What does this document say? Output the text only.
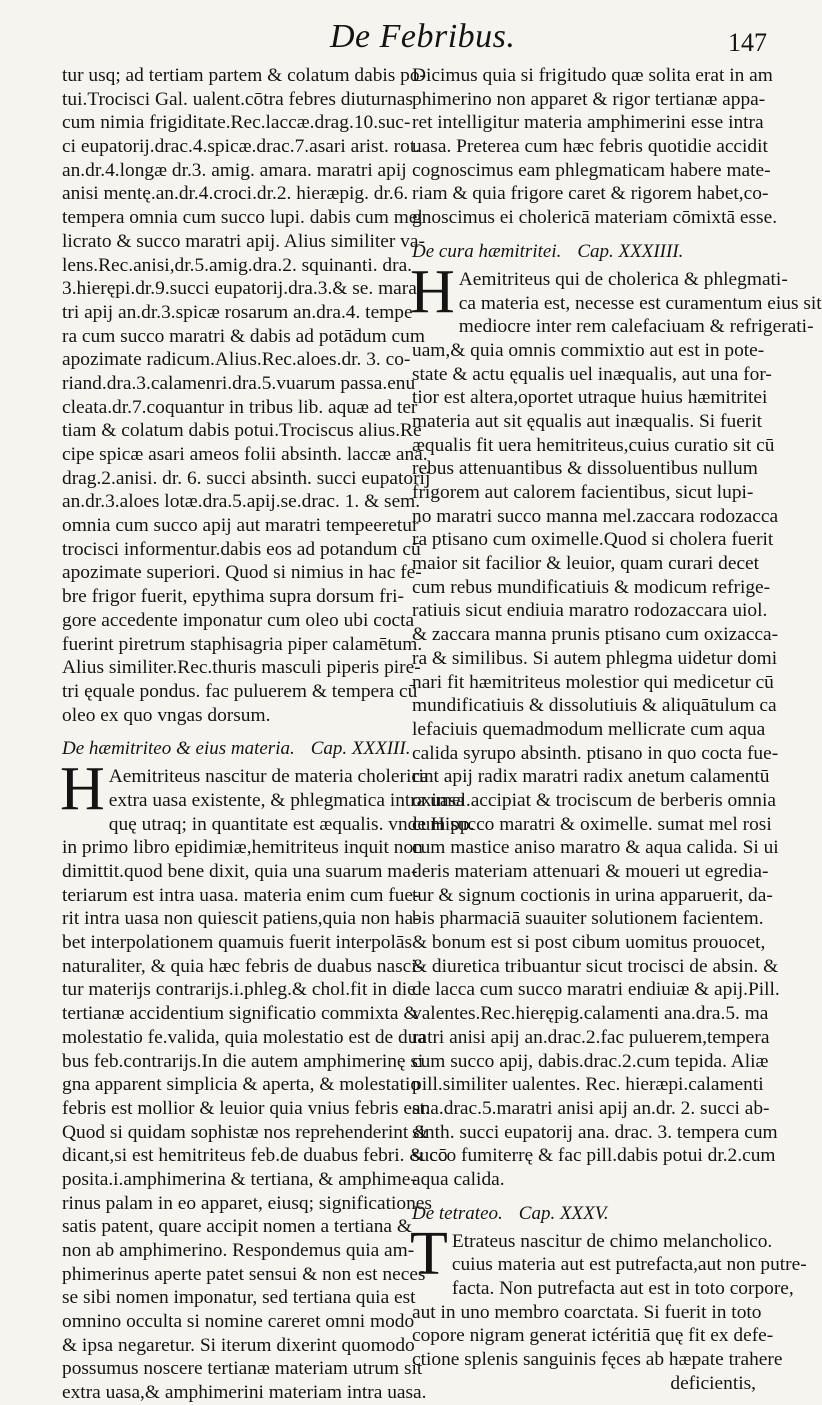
De Febribus.	147
tur usq; ad tertiam partem & colatum dabis po-
tui.Trocisci Gal. ualent.cōtra febres diuturnas
cum nimia frigiditate.Rec.laccæ.drag.10.suc-
ci eupatorij.drac.4.spicæ.drac.7.asari arist. rot.
an.dr.4.longæ dr.3. amig. amara. maratri apij
anisi mentę.an.dr.4.croci.dr.2. hieræpig. dr.6.
tempera omnia cum succo lupi. dabis cum mel
licrato & succo maratri apij. Alius similiter va-
lens.Rec.anisi,dr.5.amig.dra.2. squinanti. dra.
3.hierępi.dr.9.succi eupatorij.dra.3.& se. mara
tri apij an.dr.3.spicæ rosarum an.dra.4. tempe
ra cum succo maratri & dabis ad potādum cum
apozimate radicum.Alius.Rec.aloes.dr. 3. co-
riand.dra.3.calamenri.dra.5.vuarum passa.enu
cleata.dr.7.coquantur in tribus lib. aquæ ad ter
tiam & colatum dabis potui.Trociscus alius.Re
cipe spicæ asari ameos folii absinth. laccæ ana.
drag.2.anisi. dr. 6. succi absinth. succi eupatorij
an.dr.3.aloes lotæ.dra.5.apij.se.drac. 1. & sem.
omnia cum succo apij aut maratri tempeeretur
trocisci informentur.dabis eos ad potandum cū
apozimate superiori. Quod si nimius in hac fe-
bre frigor fuerit, epythima supra dorsum fri-
gore accedente imponatur cum oleo ubi cocta
fuerint piretrum staphisagria piper calamētum.
Alius similiter.Rec.thuris masculi piperis pire-
tri ęquale pondus. fac puluerem & tempera cū
oleo ex quo vngas dorsum.
De hæmitriteo & eius materia. Cap. XXXIII.
H Aemitriteus nascitur de materia cholerica
extra uasa existente, & phlegmatica intra uasa
quę utraq; in quantitate est æqualis. vnde Hipp.
in primo libro epidimiæ,hemitriteus inquit non
dimittit.quod bene dixit, quia una suarum ma-
teriarum est intra uasa. materia enim cum fue-
rit intra uasa non quiescit patiens,quia non ha-
bet interpolationem quamuis fuerit interpolās
naturaliter, & quia hæc febris de duabus nasci-
tur materijs contrarijs.i.phleg.& chol.fit in die
tertianæ accidentium significatio commixta &
molestatio fe.valida, quia molestatio est de dua
bus feb.contrarijs.In die autem amphimerinę si
gna apparent simplicia & aperta, & molestatio
febris est mollior & leuior quia vnius febris est.
Quod si quidam sophistæ nos reprehenderint &
dicant,si est hemitriteus feb.de duabus febri. & cō
posita.i.amphimerina & tertiana, & amphime-
rinus palam in eo apparet, eiusq; significationes
satis patent, quare accipit nomen a tertiana &
non ab amphimerino. Respondemus quia am-
phimerinus aperte patet sensui & non est neces
se sibi nomen imponatur, sed tertiana quia est
omnino occulta si nomine careret omni modo
& ipsa negaretur. Si iterum dixerint quomodo
possumus noscere tertianæ materiam utrum sit
extra uasa,& amphimerini materiam intra uasa.
Dicimus quia si frigitudo quæ solita erat in am
phimerino non apparet & rigor tertianæ appa-
ret intelligitur materia amphimerini esse intra
uasa. Preterea cum hæc febris quotidie accidit
cognoscimus eam phlegmaticam habere mate-
riam & quia frigore caret & rigorem habet,co-
gnoscimus ei cholericā materiam cōmixtā esse.
De cura hæmitritei. Cap. XXXIIII.
H Aemitriteus qui de cholerica & phlegmati-
ca materia est, necesse est curamentum eius sit
mediocre inter rem calefaciuam & refrigerati-
uam,& quia omnis commixtio aut est in pote-
state & actu ęqualis uel inæqualis, aut una for-
tior est altera,oportet utraque huius hæmitritei
materia aut sit ęqualis aut inæqualis. Si fuerit
æqualis fit uera hemitriteus,cuius curatio sit cū
rebus attenuantibus & dissoluentibus nullum
frigorem aut calorem facientibus, sicut lupi-
no maratri succo manna mel.zaccara rodozacca
ra ptisano cum oximelle.Quod si cholera fuerit
maior sit facilior & leuior, quam curari decet
cum rebus mundificatiuis & modicum refrige-
ratiuis sicut endiuia maratro rodozaccara uiol.
& zaccara manna prunis ptisano cum oxizacca-
ra & similibus. Si autem phlegma uidetur domi
nari fit hæmitriteus molestior qui medicetur cū
mundificatiuis & dissolutiuis & aliquātulum ca
lefaciuis quemadmodum mellicrate cum aqua
calida syrupo absinth. ptisano in quo cocta fue-
rint apij radix maratri radix anetum calamentū
oximel.accipiat & trociscum de berberis omnia
cum succo maratri & oximelle. sumat mel rosi
cum mastice aniso maratro & aqua calida. Si ui
deris materiam attenuari & moueri ut egredia-
tur & signum coctionis in urina apparuerit, da-
bis pharmaciā suauiter solutionem facientem.
& bonum est si post cibum uomitus prouocet,
& diuretica tribuantur sicut trocisci de absin. &
de lacca cum succo maratri endiuiæ & apij.Pill.
valentes.Rec.hierępig.calamenti ana.dra.5. ma
ratri anisi apij an.drac.2.fac puluerem,tempera
cum succo apij, dabis.drac.2.cum tepida. Aliæ
pill.similiter ualentes. Rec. hieræpi.calamenti
ana.drac.5.maratri anisi apij an.dr. 2. succi ab-
sinth. succi eupatorij ana. drac. 3. tempera cum
succo fumiterrę & fac pill.dabis potui dr.2.cum
aqua calida.
De tetrateo. Cap. XXXV.
T Etrateus nascitur de chimo melancholico.
cuius materia aut est putrefacta,aut non putre-
facta. Non putrefacta aut est in toto corpore,
aut in uno membro coarctata. Si fuerit in toto
copore nigram generat ictéritiā quę fit ex defe-
ctione splenis sanguinis fęces ab hæpate trahere
deficientis,
